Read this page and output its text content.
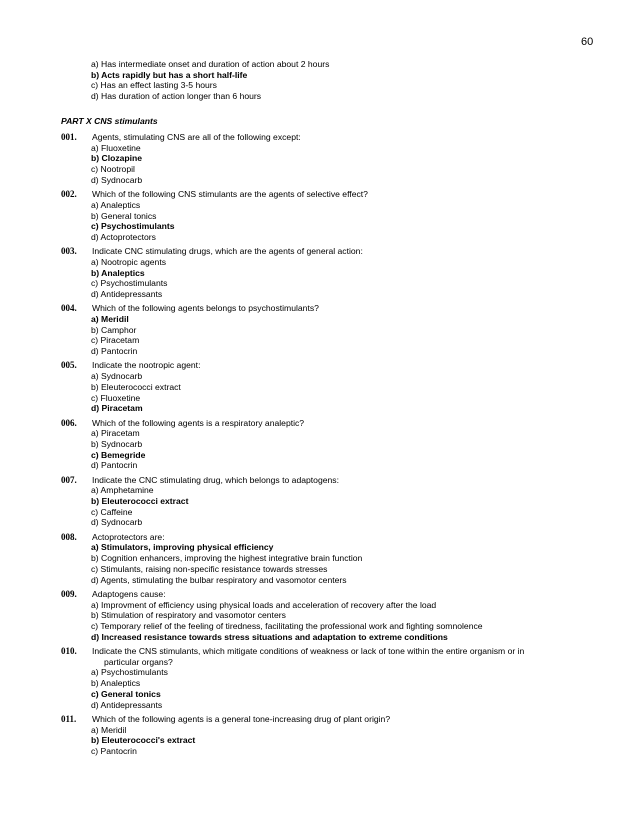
60
a) Has intermediate onset and duration of action about 2 hours
b) Acts rapidly but has a short half-life
c) Has an effect lasting 3-5 hours
d) Has duration of action longer than 6 hours
PART X CNS stimulants
001. Agents, stimulating CNS are all of the following except:
a) Fluoxetine
b) Clozapine
c) Nootropil
d) Sydnocarb
002. Which of the following CNS stimulants are the agents of selective effect?
a) Analeptics
b) General tonics
c) Psychostimulants
d) Actoprotectors
003. Indicate CNC stimulating drugs, which are the agents of general action:
a) Nootropic agents
b) Analeptics
c) Psychostimulants
d) Antidepressants
004. Which of the following agents belongs to psychostimulants?
a) Meridil
b) Camphor
c) Piracetam
d) Pantocrin
005. Indicate the nootropic agent:
a) Sydnocarb
b) Eleuterococci extract
c) Fluoxetine
d) Piracetam
006. Which of the following agents is a respiratory analeptic?
a) Piracetam
b) Sydnocarb
c) Bemegride
d) Pantocrin
007. Indicate the CNC stimulating drug, which belongs to adaptogens:
a) Amphetamine
b) Eleuterococci extract
c) Caffeine
d) Sydnocarb
008. Actoprotectors are:
a) Stimulators, improving physical efficiency
b) Cognition enhancers, improving the highest integrative brain function
c) Stimulants, raising non-specific resistance towards stresses
d) Agents, stimulating the bulbar respiratory and vasomotor centers
009. Adaptogens cause:
a) Improvment of efficiency using physical loads and acceleration of recovery after the load
b) Stimulation of respiratory and vasomotor centers
c) Temporary relief of the feeling of tiredness, facilitating the professional work and fighting somnolence
d) Increased resistance towards stress situations and adaptation to extreme conditions
010. Indicate the CNS stimulants, which mitigate conditions of weakness or lack of tone within the entire organism or in
particular organs?
a) Psychostimulants
b) Analeptics
c) General tonics
d) Antidepressants
011. Which of the following agents is a general tone-increasing drug of plant origin?
a) Meridil
b) Eleuterococci's extract
c) Pantocrin
